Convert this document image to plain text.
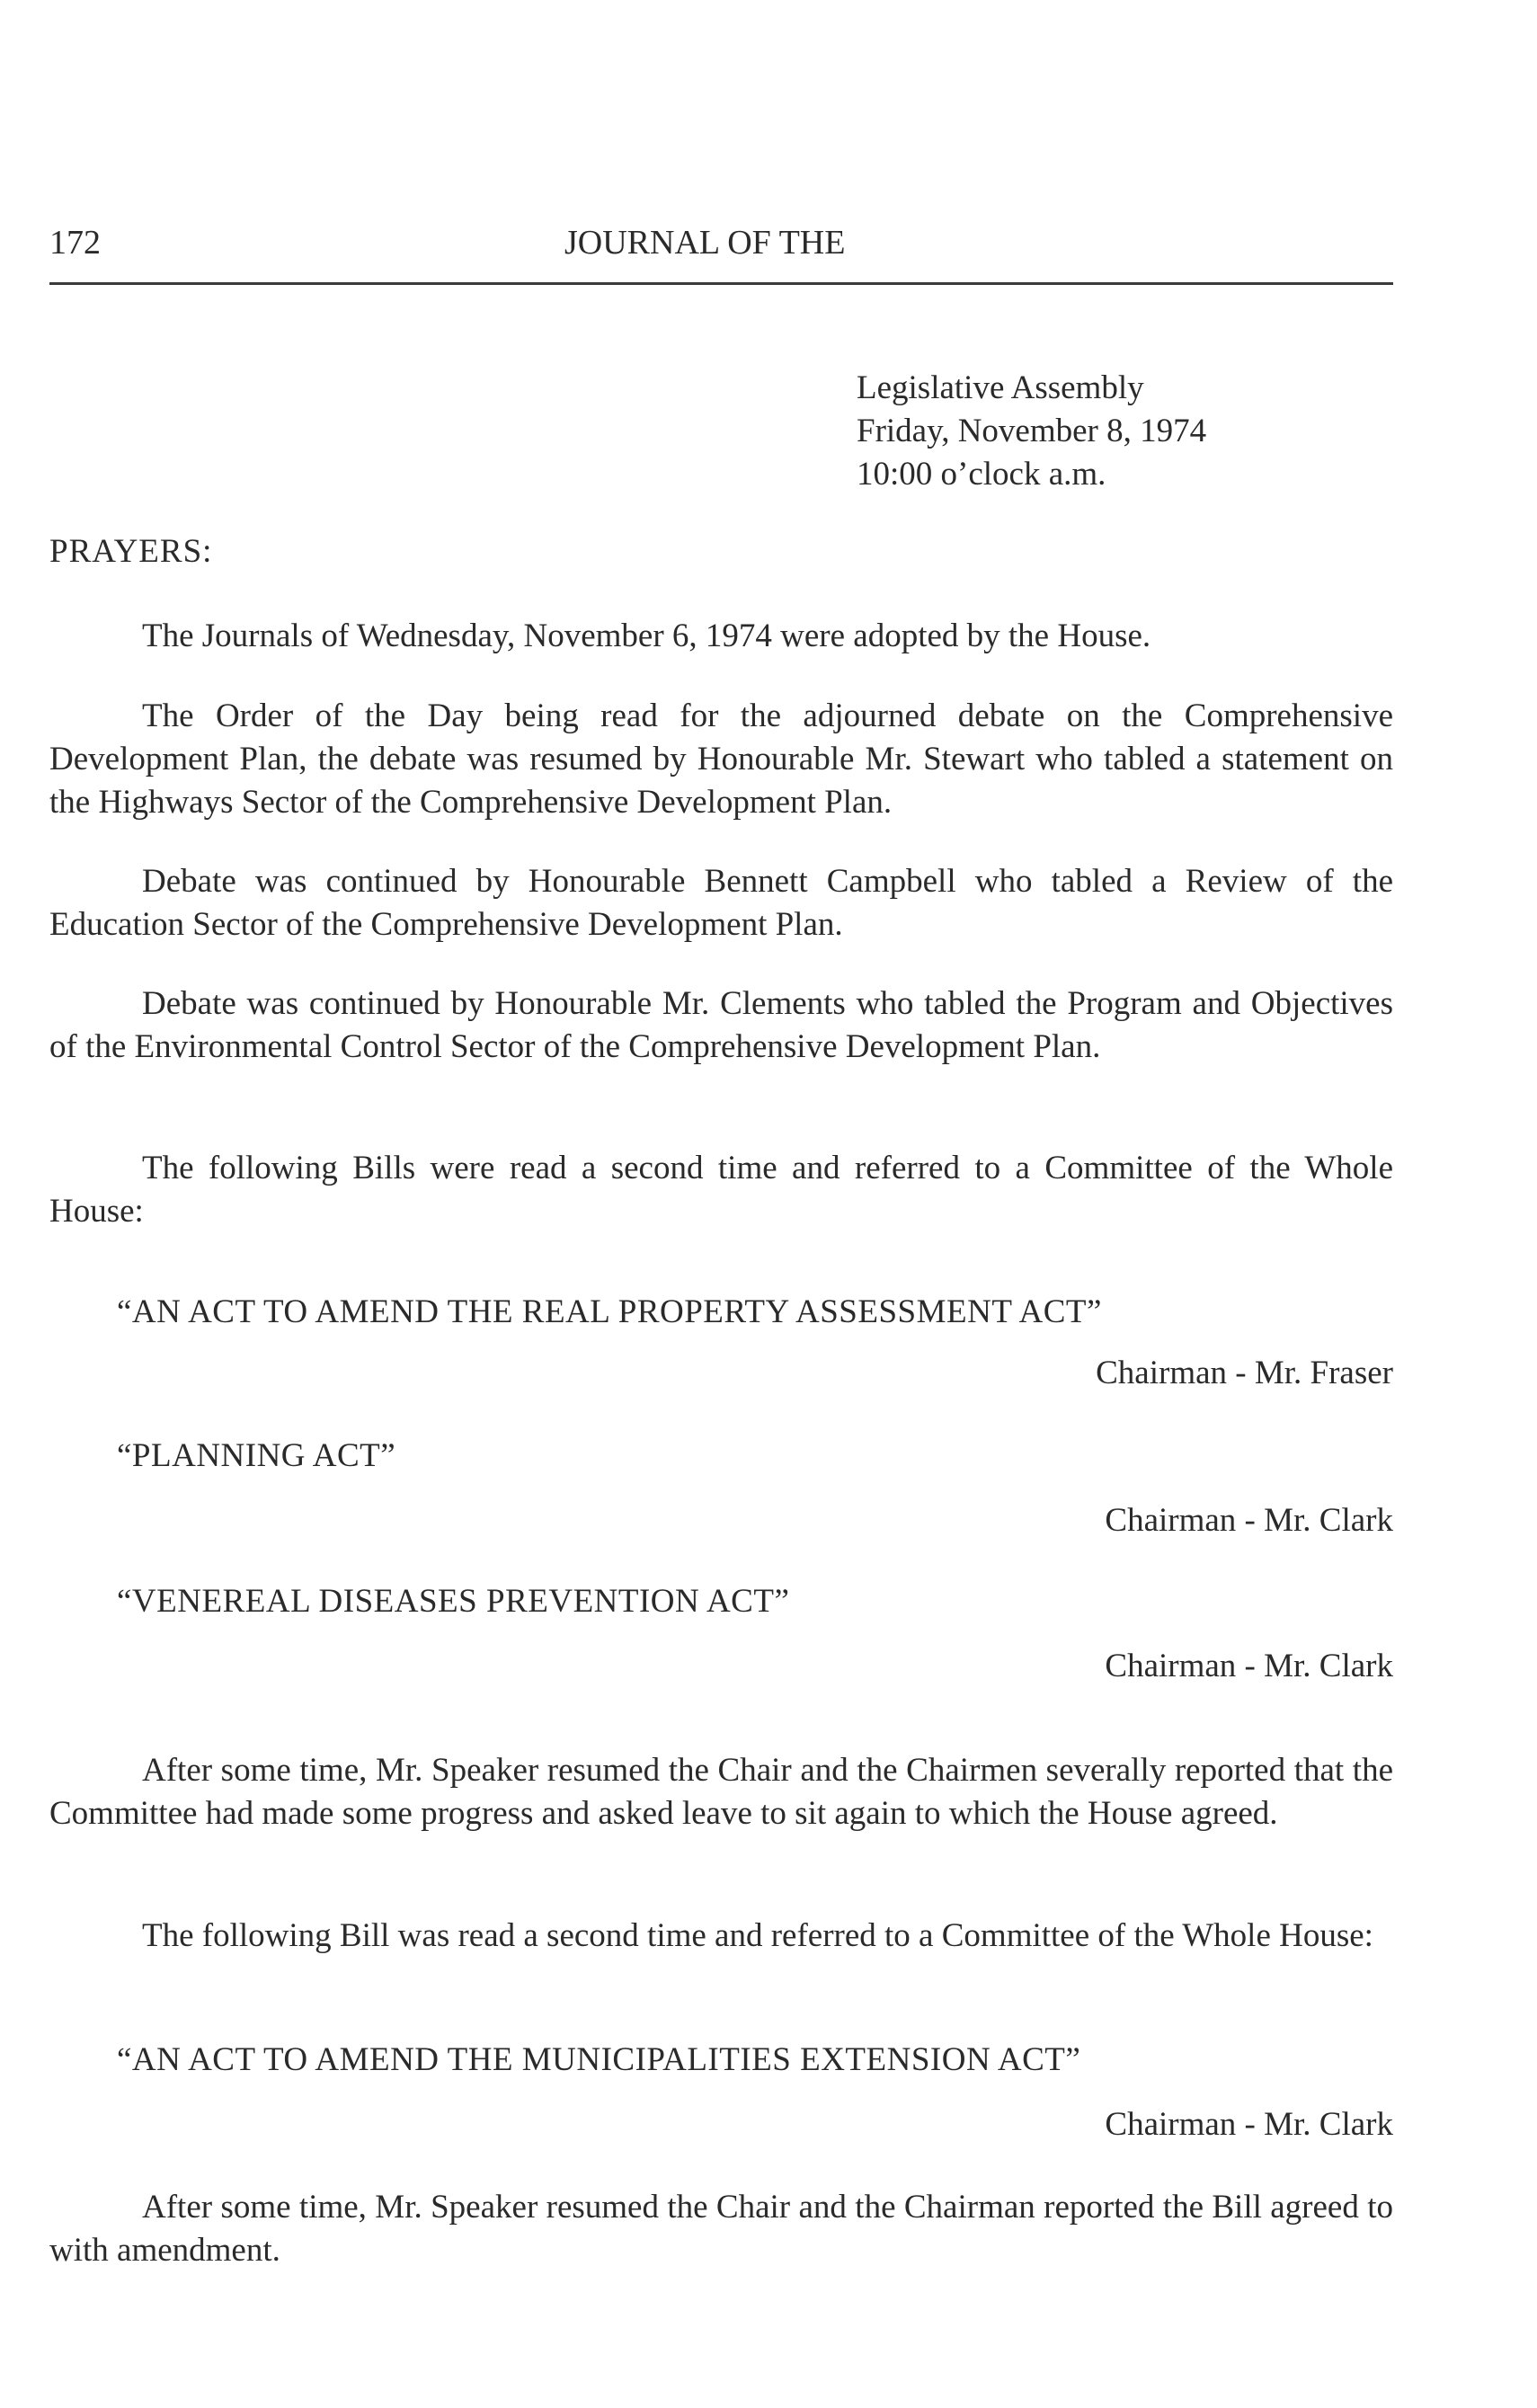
172	JOURNAL OF THE
Legislative Assembly
Friday, November 8, 1974
10:00 o’clock a.m.
PRAYERS:
The Journals of Wednesday, November 6, 1974 were adopted by the House.
The Order of the Day being read for the adjourned debate on the Comprehensive Development Plan, the debate was resumed by Honourable Mr. Stewart who tabled a statement on the Highways Sector of the Comprehensive Development Plan.
Debate was continued by Honourable Bennett Campbell who tabled a Review of the Education Sector of the Comprehensive Development Plan.
Debate was continued by Honourable Mr. Clements who tabled the Program and Objectives of the Environmental Control Sector of the Comprehensive Development Plan.
The following Bills were read a second time and referred to a Committee of the Whole House:
“AN ACT TO AMEND THE REAL PROPERTY ASSESSMENT ACT”
Chairman - Mr. Fraser
“PLANNING ACT”
Chairman - Mr. Clark
“VENEREAL DISEASES PREVENTION ACT”
Chairman - Mr. Clark
After some time, Mr. Speaker resumed the Chair and the Chairmen severally reported that the Committee had made some progress and asked leave to sit again to which the House agreed.
The following Bill was read a second time and referred to a Committee of the Whole House:
“AN ACT TO AMEND THE MUNICIPALITIES EXTENSION ACT”
Chairman - Mr. Clark
After some time, Mr. Speaker resumed the Chair and the Chairman reported the Bill agreed to with amendment.
